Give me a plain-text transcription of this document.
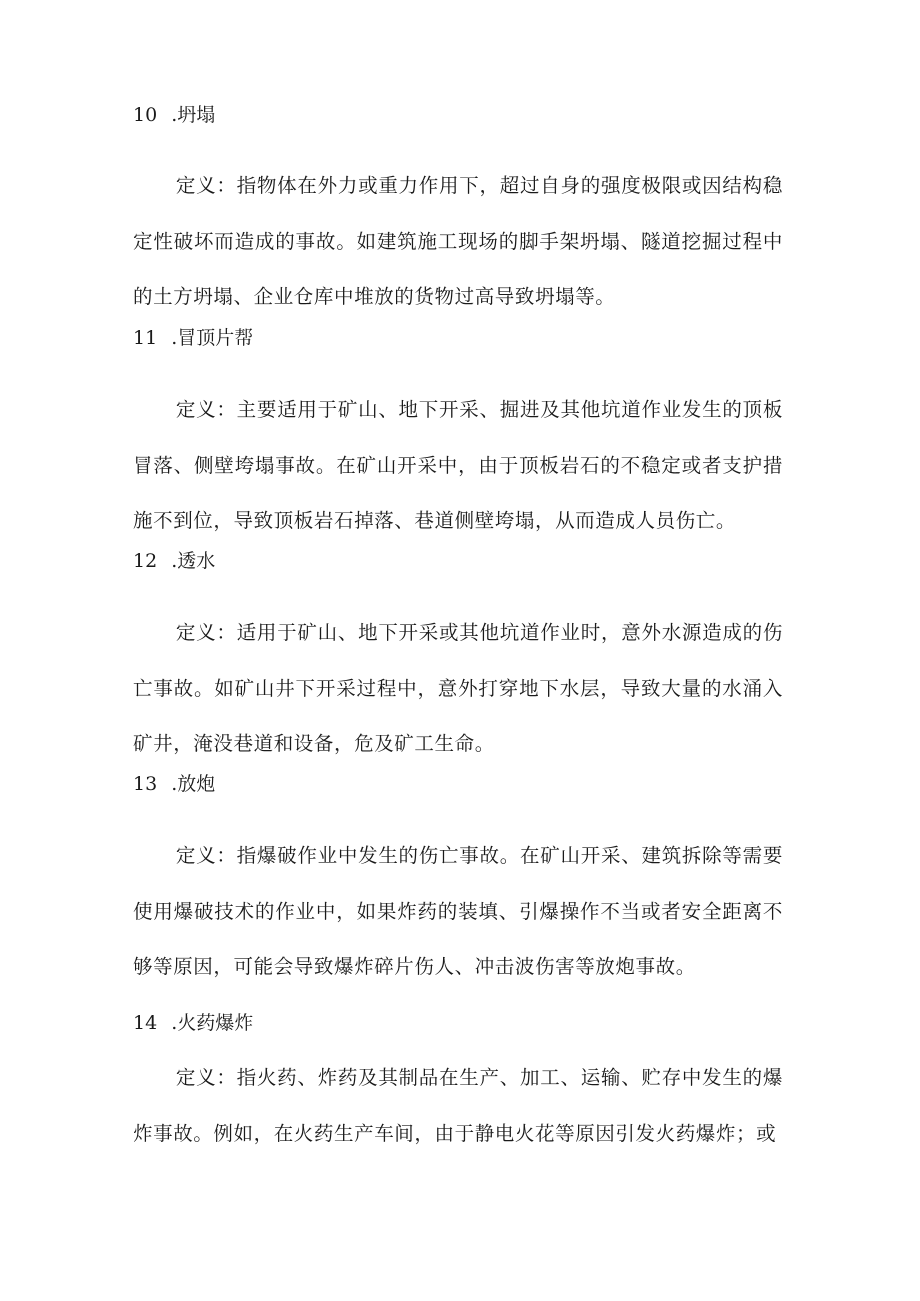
10 .坍塌
定义：指物体在外力或重力作用下，超过自身的强度极限或因结构稳定性破坏而造成的事故。如建筑施工现场的脚手架坍塌、隧道挖掘过程中的土方坍塌、企业仓库中堆放的货物过高导致坍塌等。
11 .冒顶片帮
定义：主要适用于矿山、地下开采、掘进及其他坑道作业发生的顶板冒落、侧壁垮塌事故。在矿山开采中，由于顶板岩石的不稳定或者支护措施不到位，导致顶板岩石掉落、巷道侧壁垮塌，从而造成人员伤亡。
12 .透水
定义：适用于矿山、地下开采或其他坑道作业时，意外水源造成的伤亡事故。如矿山井下开采过程中，意外打穿地下水层，导致大量的水涌入矿井，淹没巷道和设备，危及矿工生命。
13 .放炮
定义：指爆破作业中发生的伤亡事故。在矿山开采、建筑拆除等需要使用爆破技术的作业中，如果炸药的装填、引爆操作不当或者安全距离不够等原因，可能会导致爆炸碎片伤人、冲击波伤害等放炮事故。
14 .火药爆炸
定义：指火药、炸药及其制品在生产、加工、运输、贮存中发生的爆炸事故。例如，在火药生产车间，由于静电火花等原因引发火药爆炸；或
